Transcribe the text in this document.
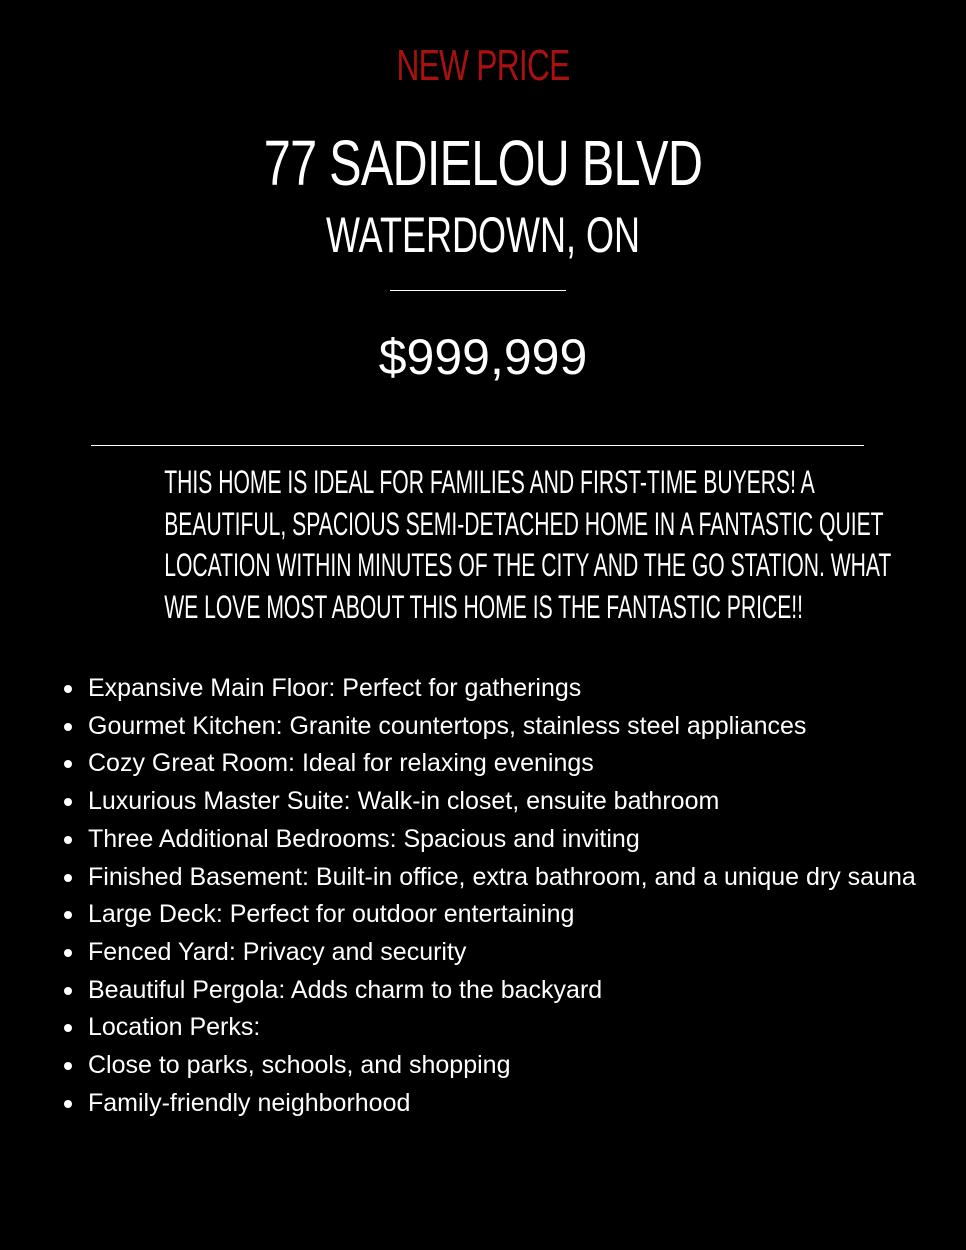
NEW PRICE
77 SADIELOU BLVD
WATERDOWN, ON
$999,999
THIS HOME IS IDEAL FOR FAMILIES AND FIRST-TIME BUYERS! A
BEAUTIFUL, SPACIOUS SEMI-DETACHED HOME IN A FANTASTIC QUIET
LOCATION WITHIN MINUTES OF THE CITY AND THE GO STATION. WHAT
WE LOVE MOST ABOUT THIS HOME IS THE FANTASTIC PRICE!!
Expansive Main Floor: Perfect for gatherings
Gourmet Kitchen: Granite countertops, stainless steel appliances
Cozy Great Room: Ideal for relaxing evenings
Luxurious Master Suite: Walk-in closet, ensuite bathroom
Three Additional Bedrooms: Spacious and inviting
Finished Basement: Built-in office, extra bathroom, and a unique dry sauna
Large Deck: Perfect for outdoor entertaining
Fenced Yard: Privacy and security
Beautiful Pergola: Adds charm to the backyard
Location Perks:
Close to parks, schools, and shopping
Family-friendly neighborhood
